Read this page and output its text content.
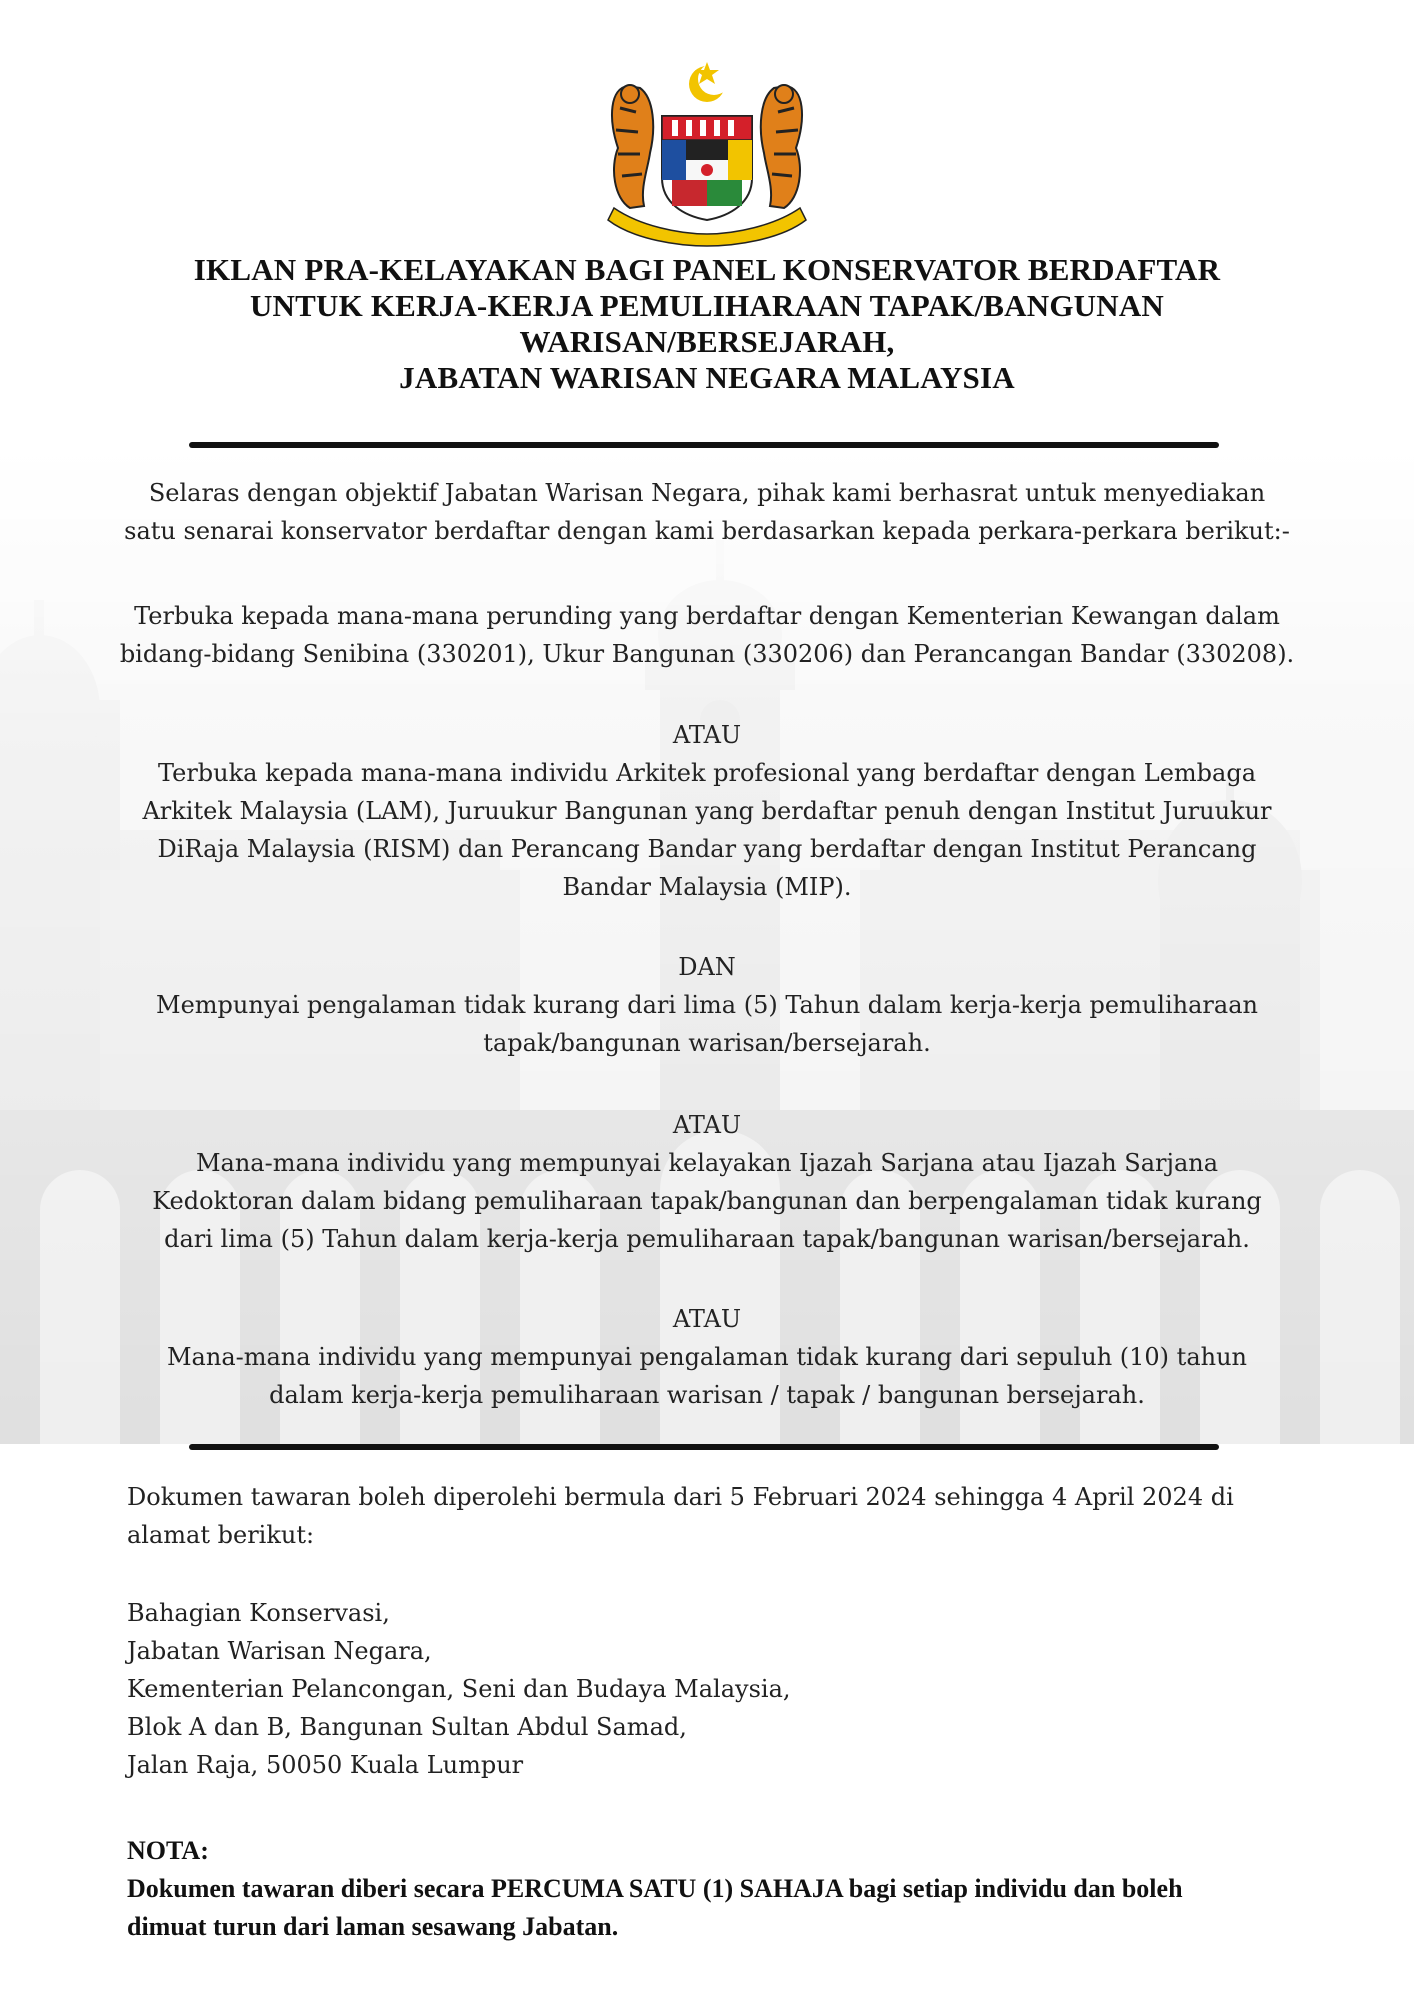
IKLAN PRA-KELAYAKAN BAGI PANEL KONSERVATOR BERDAFTAR
UNTUK KERJA-KERJA PEMULIHARAAN TAPAK/BANGUNAN
WARISAN/BERSEJARAH,
JABATAN WARISAN NEGARA MALAYSIA
Selaras dengan objektif Jabatan Warisan Negara, pihak kami berhasrat untuk menyediakan
satu senarai konservator berdaftar dengan kami berdasarkan kepada perkara-perkara berikut:-
Terbuka kepada mana-mana perunding yang berdaftar dengan Kementerian Kewangan dalam
bidang-bidang Senibina (330201), Ukur Bangunan (330206) dan Perancangan Bandar (330208).
ATAU
Terbuka kepada mana-mana individu Arkitek profesional yang berdaftar dengan Lembaga
Arkitek Malaysia (LAM), Juruukur Bangunan yang berdaftar penuh dengan Institut Juruukur
DiRaja Malaysia (RISM) dan Perancang Bandar yang berdaftar dengan Institut Perancang
Bandar Malaysia (MIP).
DAN
Mempunyai pengalaman tidak kurang dari lima (5) Tahun dalam kerja-kerja pemuliharaan
tapak/bangunan warisan/bersejarah.
ATAU
Mana-mana individu yang mempunyai kelayakan Ijazah Sarjana atau Ijazah Sarjana
Kedoktoran dalam bidang pemuliharaan tapak/bangunan dan berpengalaman tidak kurang
dari lima (5) Tahun dalam kerja-kerja pemuliharaan tapak/bangunan warisan/bersejarah.
ATAU
Mana-mana individu yang mempunyai pengalaman tidak kurang dari sepuluh (10) tahun
dalam kerja-kerja pemuliharaan warisan / tapak / bangunan bersejarah.
Dokumen tawaran boleh diperolehi bermula dari 5 Februari 2024 sehingga 4 April 2024 di
alamat berikut:
Bahagian Konservasi,
Jabatan Warisan Negara,
Kementerian Pelancongan, Seni dan Budaya Malaysia,
Blok A dan B, Bangunan Sultan Abdul Samad,
Jalan Raja, 50050 Kuala Lumpur
NOTA:
Dokumen tawaran diberi secara PERCUMA SATU (1) SAHAJA bagi setiap individu dan boleh
dimuat turun dari laman sesawang Jabatan.
